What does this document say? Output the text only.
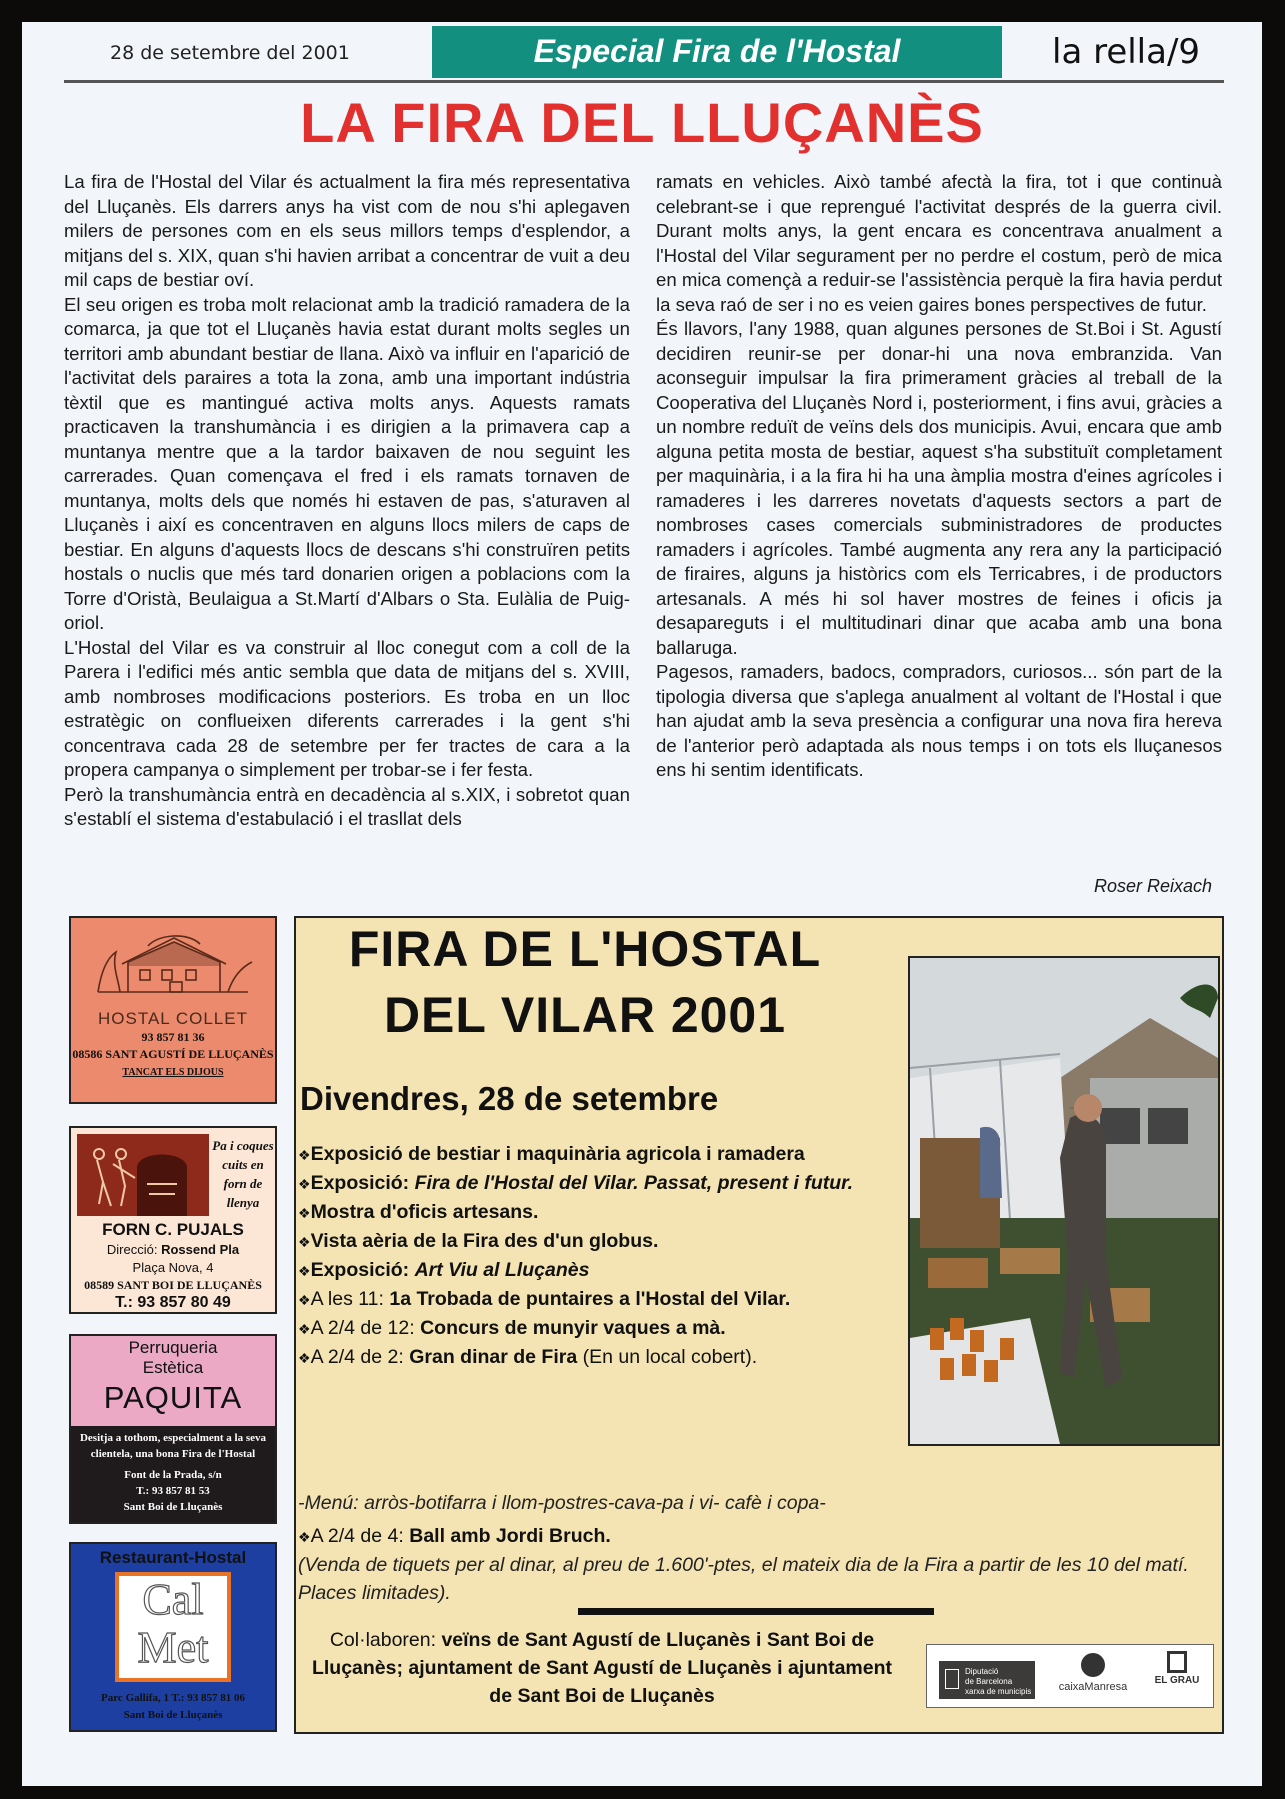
28 de setembre del 2001	Especial Fira de l'Hostal	la rella/9
LA FIRA DEL LLUÇANÈS

La fira de l'Hostal del Vilar és actualment la fira més representativa del Lluçanès. Els darrers anys ha vist com de nou s'hi aplegaven milers de persones com en els seus millors temps d'esplendor, a mitjans del s. XIX, quan s'hi havien arribat a concentrar de vuit a deu mil caps de bestiar oví.

El seu origen es troba molt relacionat amb la tradició ramadera de la comarca, ja que tot el Lluçanès havia estat durant molts segles un territori amb abundant bestiar de llana. Això va influir en l'aparició de l'activitat dels paraires a tota la zona, amb una important indústria tèxtil que es mantingué activa molts anys. Aquests ramats practicaven la transhumància i es dirigien a la primavera cap a muntanya mentre que a la tardor baixaven de nou seguint les carrerades. Quan començava el fred i els ramats tornaven de muntanya, molts dels que només hi estaven de pas, s'aturaven al Lluçanès i així es concentraven en alguns llocs milers de caps de bestiar. En alguns d'aquests llocs de descans s'hi construïren petits hostals o nuclis que més tard donarien origen a poblacions com la Torre d'Oristà, Beulaigua a St.Martí d'Albars o Sta. Eulàlia de Puig-oriol.

L'Hostal del Vilar es va construir al lloc conegut com a coll de la Parera i l'edifici més antic sembla que data de mitjans del s. XVIII, amb nombroses modificacions posteriors. Es troba en un lloc estratègic on conflueixen diferents carrerades i la gent s'hi concentrava cada 28 de setembre per fer tractes de cara a la propera campanya o simplement per trobar-se i fer festa.

Però la transhumància entrà en decadència al s.XIX, i sobretot quan s'establí el sistema d'estabulació i el trasllat dels

ramats en vehicles. Això també afectà la fira, tot i que continuà celebrant-se i que reprengué l'activitat després de la guerra civil. Durant molts anys, la gent encara es concentrava anualment a l'Hostal del Vilar segurament per no perdre el costum, però de mica en mica començà a reduir-se l'assistència perquè la fira havia perdut la seva raó de ser i no es veien gaires bones perspectives de futur.

És llavors, l'any 1988, quan algunes persones de St.Boi i St. Agustí decidiren reunir-se per donar-hi una nova embranzida. Van aconseguir impulsar la fira primerament gràcies al treball de la Cooperativa del Lluçanès Nord i, posteriorment, i fins avui, gràcies a un nombre reduït de veïns dels dos municipis. Avui, encara que amb alguna petita mosta de bestiar, aquest s'ha substituït completament per maquinària, i a la fira hi ha una àmplia mostra d'eines agrícoles i ramaderes i les darreres novetats d'aquests sectors a part de nombroses cases comercials subministradores de productes ramaders i agrícoles. També augmenta any rera any la participació de firaires, alguns ja històrics com els Terricabres, i de productors artesanals. A més hi sol haver mostres de feines i oficis ja desapareguts i el multitudinari dinar que acaba amb una bona ballaruga.

Pagesos, ramaders, badocs, compradors, curiosos... són part de la tipologia diversa que s'aplega anualment al voltant de l'Hostal i que han ajudat amb la seva presència a configurar una nova fira hereva de l'anterior però adaptada als nous temps i on tots els lluçanesos ens hi sentim identificats.

Roser Reixach
HOSTAL COLLET
93 857 81 36
08586 SANT AGUSTÍ DE LLUÇANÈS
TANCAT ELS DIJOUS
Pa i coques cuits en forn de llenya
FORN C. PUJALS
Direcció: Rossend Pla
Plaça Nova, 4
08589 SANT BOI DE LLUÇANÈS
T.: 93 857 80 49
Perruqueria
Estètica
PAQUITA
Desitja a tothom, especialment a la seva clientela, una bona Fira de l'Hostal
Font de la Prada, s/n
T.: 93 857 81 53
Sant Boi de Lluçanès
Restaurant-Hostal
Cal
Met
Parc Gallifa, 1 T.: 93 857 81 06
Sant Boi de Lluçanès
FIRA DE L'HOSTAL
DEL VILAR 2001
Divendres, 28 de setembre
❖Exposició de bestiar i maquinària agricola i ramadera
❖Exposició: Fira de l'Hostal del Vilar. Passat, present i futur.
❖Mostra d'oficis artesans.
❖Vista aèria de la Fira des d'un globus.
❖Exposició: Art Viu al Lluçanès
❖A les 11: 1a Trobada de puntaires a l'Hostal del Vilar.
❖A 2/4 de 12: Concurs de munyir vaques a mà.
❖A 2/4 de 2: Gran dinar de Fira (En un local cobert).
-Menú: arròs-botifarra i llom-postres-cava-pa i vi- cafè i copa-
❖A 2/4 de 4: Ball amb Jordi Bruch.
(Venda de tiquets per al dinar, al preu de 1.600'-ptes, el mateix dia de la Fira a partir de les 10 del matí. Places limitades).
Col·laboren: veïns de Sant Agustí de Lluçanès i Sant Boi de Lluçanès; ajuntament de Sant Agustí de Lluçanès i ajuntament de Sant Boi de Lluçanès
Diputació
de Barcelona
xarxa de municipis	caixaManresa
EL GRAU
